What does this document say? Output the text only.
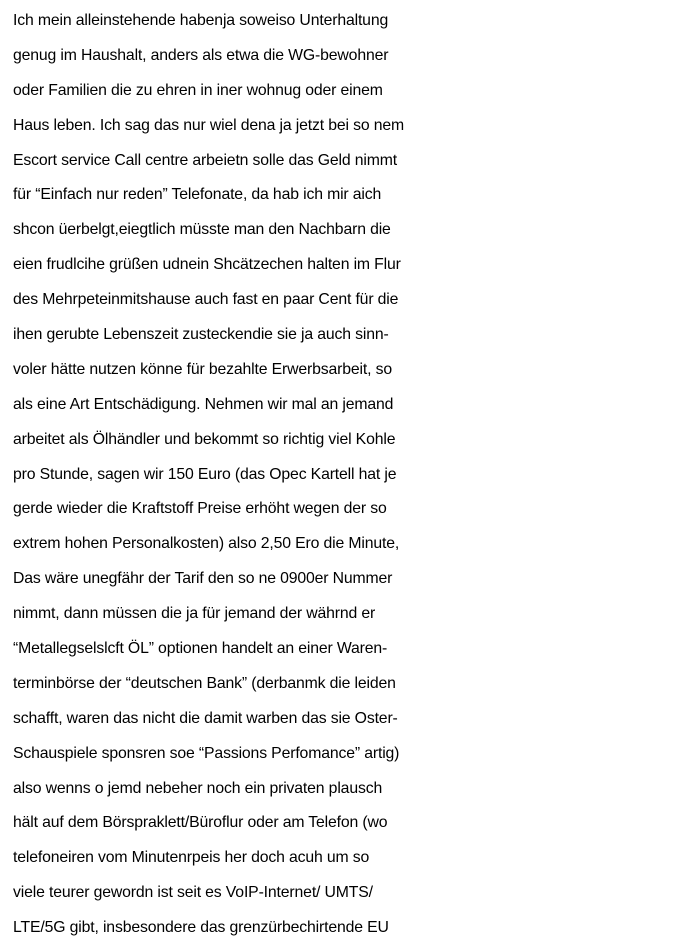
Ich mein alleinstehende habenja soweiso Unterhaltung
genug im Haushalt, anders als etwa die WG-bewohner
oder Familien die zu ehren in iner wohnug oder einem
Haus leben. Ich sag das nur wiel dena ja jetzt bei so nem
Escort service Call centre arbeietn solle das Geld nimmt
für “Einfach nur reden” Telefonate, da hab ich mir aich
shcon üerbelgt,eiegtlich müsste man den Nachbarn die
eien frudlcihe grüßen udnein Shcätzechen halten im Flur
des Mehrpeteinmitshause auch fast en paar Cent für die
ihen gerubte Lebenszeit zusteckendie sie ja auch sinn-
voler hätte nutzen könne für bezahlte Erwerbsarbeit, so
als eine Art Entschädigung. Nehmen wir mal an jemand
arbeitet als Ölhändler und bekommt so richtig viel Kohle
pro Stunde, sagen wir 150 Euro (das Opec Kartell hat je
gerde wieder die Kraftstoff Preise erhöht wegen der so
extrem hohen Personalkosten) also 2,50 Ero die Minute,
Das wäre unegfähr der Tarif den so ne 0900er Nummer
nimmt, dann müssen die ja für jemand der währnd er
“Metallegselslcft ÖL” optionen handelt an einer Waren-
terminbörse der “deutschen Bank” (derbanmk die leiden
schafft, waren das nicht die damit warben das sie Oster-
Schauspiele sponsren soe “Passions Perfomance” artig)
also wenns o jemd nebeher noch ein privaten plausch
hält auf dem Börspraklett/Büroflur oder am Telefon (wo
telefoneiren vom Minutenrpeis her doch acuh um so
viele teurer gewordn ist seit es VoIP-Internet/ UMTS/
LTE/5G gibt, insbesondere das grenzürbechirtende EU
